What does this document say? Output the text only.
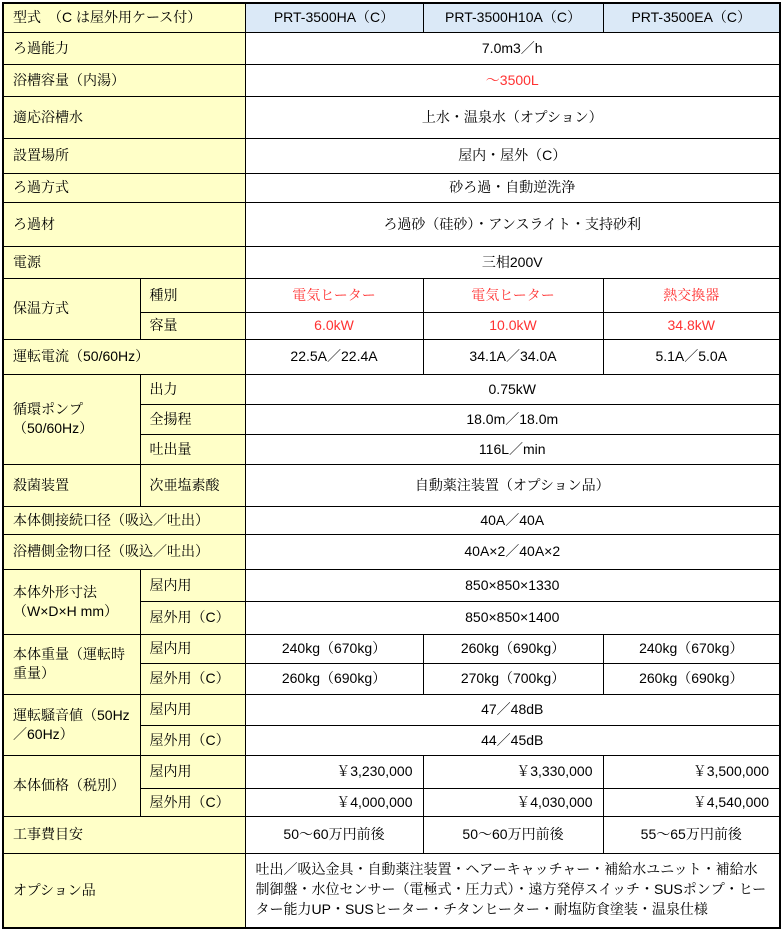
型式　（C は屋外用ケース付）		PRT-3500HA（C）	PRT-3500H10A（C）	PRT-3500EA（C）
ろ過能力		7.0m3／h		
浴槽容量（内湯）		～3500L		
適応浴槽水		上水・温泉水（オプション）		
設置場所		屋内・屋外（C）		
ろ過方式		砂ろ過・自動逆洗浄		
ろ過材		ろ過砂（硅砂）・アンスライト・支持砂利		
電源		三相200V		
保温方式	種別	電気ヒーター	電気ヒーター	熱交換器
	容量	6.0kW	10.0kW	34.8kW
運転電流（50/60Hz）		22.5A／22.4A	34.1A／34.0A	5.1A／5.0A
循環ポンプ（50/60Hz）	出力	0.75kW		
	全揚程	18.0m／18.0m		
	吐出量	116L／min		
殺菌装置	次亜塩素酸	自動薬注装置（オプション品）		
本体側接続口径（吸込／吐出）		40A／40A		
浴槽側金物口径（吸込／吐出）		40A×2／40A×2		
本体外形寸法（W×D×H mm）	屋内用	850×850×1330		
	屋外用（C）	850×850×1400		
本体重量（運転時重量）	屋内用	240kg（670kg）	260kg（690kg）	240kg（670kg）
	屋外用（C）	260kg（690kg）	270kg（700kg）	260kg（690kg）
運転騒音値（50Hz／60Hz）	屋内用	47／48dB		
	屋外用（C）	44／45dB		
本体価格（税別）	屋内用	￥3,230,000	￥3,330,000	￥3,500,000
	屋外用（C）	￥4,000,000	￥4,030,000	￥4,540,000
工事費目安		50～60万円前後	50～60万円前後	55～65万円前後
オプション品		吐出／吸込金具・自動薬注装置・ヘアーキャッチャー・補給水ユニット・補給水制御盤・水位センサー（電極式・圧力式）・遠方発停スイッチ・SUSポンプ・ヒーター能力UP・SUSヒーター・チタンヒーター・耐塩防食塗装・温泉仕様		
